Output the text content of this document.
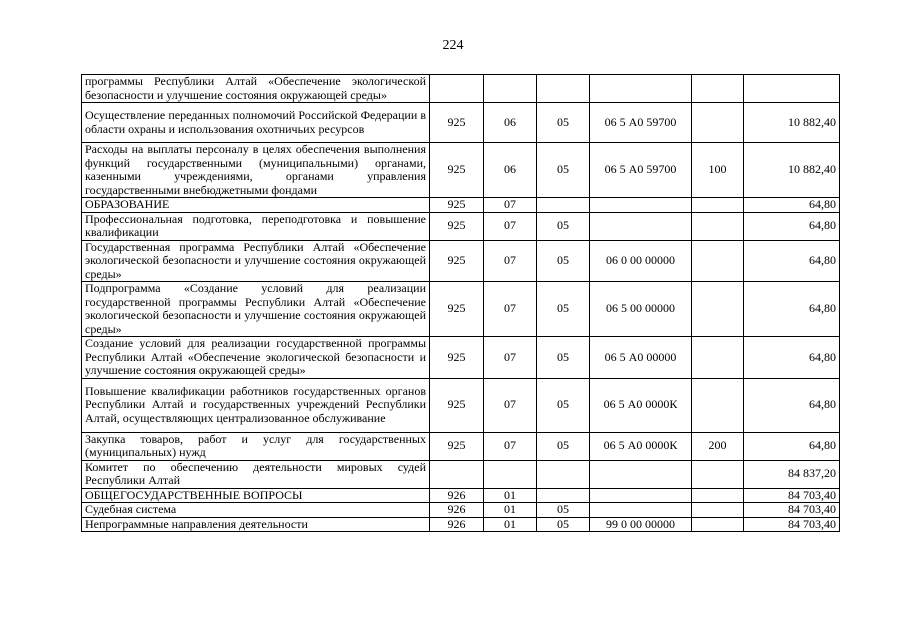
224
программы Республики Алтай «Обеспечение экологической безопасности и улучшение состояния окружающей среды»						
Осуществление переданных полномочий Российской Федерации в области охраны и использования охотничьих ресурсов	925	06	05	06 5 А0 59700		10 882,40
Расходы на выплаты персоналу в целях обеспечения выполнения функций государственными (муниципальными) органами, казенными учреждениями, органами управления государственными внебюджетными фондами	925	06	05	06 5 А0 59700	100	10 882,40
ОБРАЗОВАНИЕ	925	07				64,80
Профессиональная подготовка, переподготовка и повышение квалификации	925	07	05			64,80
Государственная программа Республики Алтай «Обеспечение экологической безопасности и улучшение состояния окружающей среды»	925	07	05	06 0 00 00000		64,80
Подпрограмма «Создание условий для реализации государственной программы Республики Алтай «Обеспечение экологической безопасности и улучшение состояния окружающей среды»	925	07	05	06 5 00 00000		64,80
Создание условий для реализации государственной программы Республики Алтай «Обеспечение экологической безопасности и улучшение состояния окружающей среды»	925	07	05	06 5 А0 00000		64,80
Повышение квалификации работников государственных органов Республики Алтай и государственных учреждений Республики Алтай, осуществляющих централизованное обслуживание	925	07	05	06 5 А0 0000К		64,80
Закупка товаров, работ и услуг для государственных (муниципальных) нужд	925	07	05	06 5 А0 0000К	200	64,80
Комитет по обеспечению деятельности мировых судей Республики Алтай						84 837,20
ОБЩЕГОСУДАРСТВЕННЫЕ ВОПРОСЫ	926	01				84 703,40
Судебная система	926	01	05			84 703,40
Непрограммные направления деятельности	926	01	05	99 0 00 00000		84 703,40
